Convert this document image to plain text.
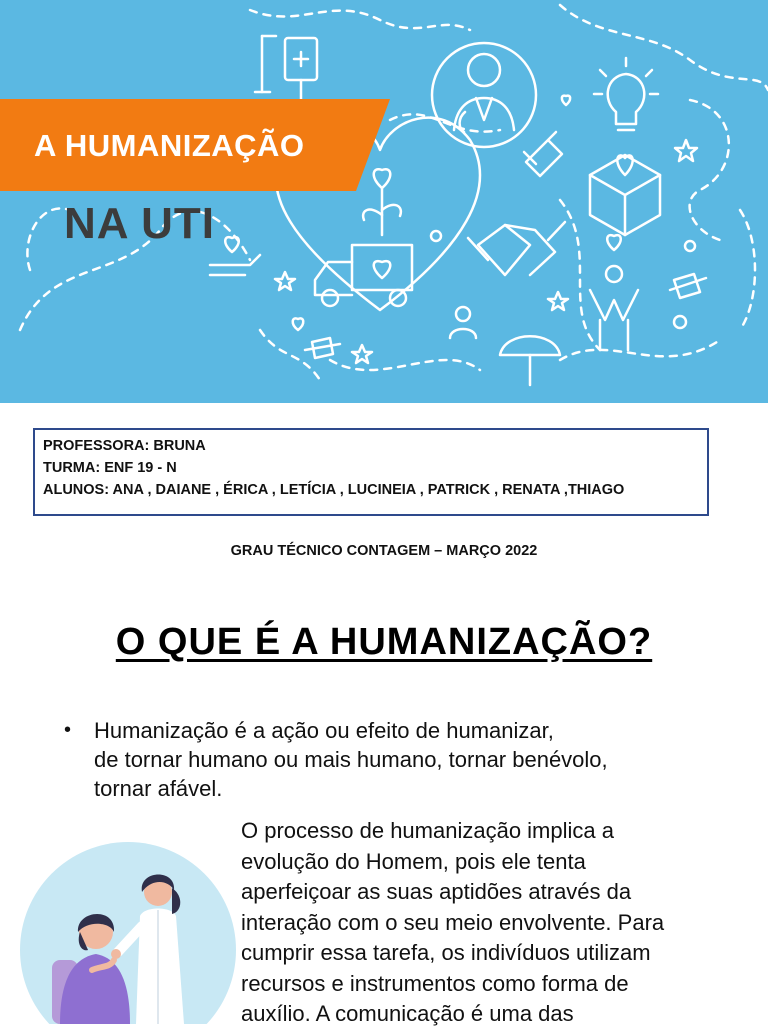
A HUMANIZAÇÃO
NA UTI
PROFESSORA: BRUNA
TURMA: ENF 19 - N
ALUNOS: ANA , DAIANE , ÉRICA , LETÍCIA , LUCINEIA , PATRICK , RENATA ,THIAGO
GRAU TÉCNICO CONTAGEM – MARÇO 2022
O QUE É A HUMANIZAÇÃO?
• Humanização é a ação ou efeito de humanizar,
de tornar humano ou mais humano, tornar benévolo,
tornar afável.
O processo de humanização implica a
evolução do Homem, pois ele tenta
aperfeiçoar as suas aptidões através da
interação com o seu meio envolvente. Para
cumprir essa tarefa, os indivíduos utilizam
recursos e instrumentos como forma de
auxílio. A comunicação é uma das
